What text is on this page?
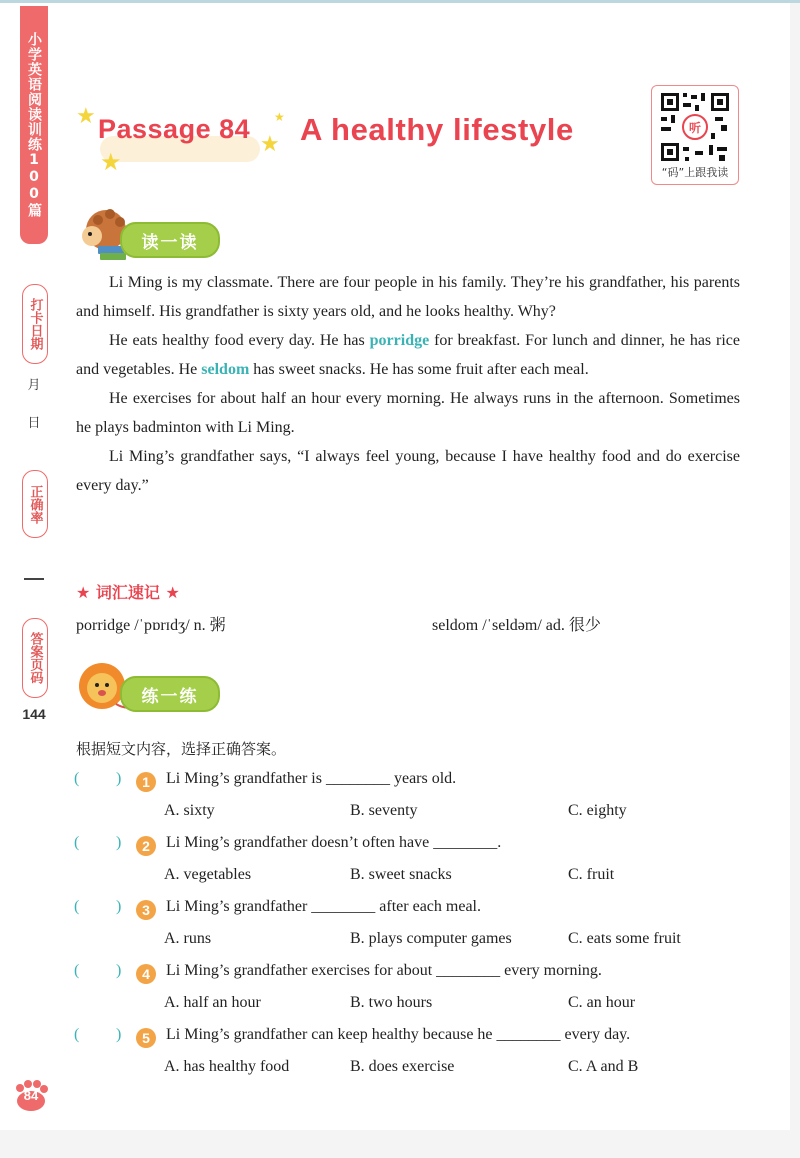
小学英语阅读训练100篇
打卡日期
月
日
正确率
答案页码
144
★
★
★
★
Passage 84 A healthy lifestyle	听
“码”上跟我读
读一读

Li Ming is my classmate. There are four people in his family. They’re his grandfather, his parents and himself. His grandfather is sixty years old, and he looks healthy. Why?

He eats healthy food every day. He has porridge for breakfast. For lunch and dinner, he has rice and vegetables. He seldom has sweet snacks. He has some fruit after each meal.

He exercises for about half an hour every morning. He always runs in the afternoon. Sometimes he plays badminton with Li Ming.

Li Ming’s grandfather says, “I always feel young, because I have healthy food and do exercise every day.”

★ 词汇速记 ★
porridge /ˈpɒrɪdʒ/ n. 粥	seldom /ˈseldəm/ ad. 很少
练一练
根据短文内容，选择正确答案。
( )	1	Li Ming’s grandfather is ________ years old.
A. sixty	B. seventy	C. eighty
( )	2	Li Ming’s grandfather doesn’t often have ________.
A. vegetables	B. sweet snacks	C. fruit
( )	3	Li Ming’s grandfather ________ after each meal.
A. runs	B. plays computer games	C. eats some fruit
( )	4	Li Ming’s grandfather exercises for about ________ every morning.
A. half an hour	B. two hours	C. an hour
( )	5	Li Ming’s grandfather can keep healthy because he ________ every day.
A. has healthy food	B. does exercise	C. A and B
84
